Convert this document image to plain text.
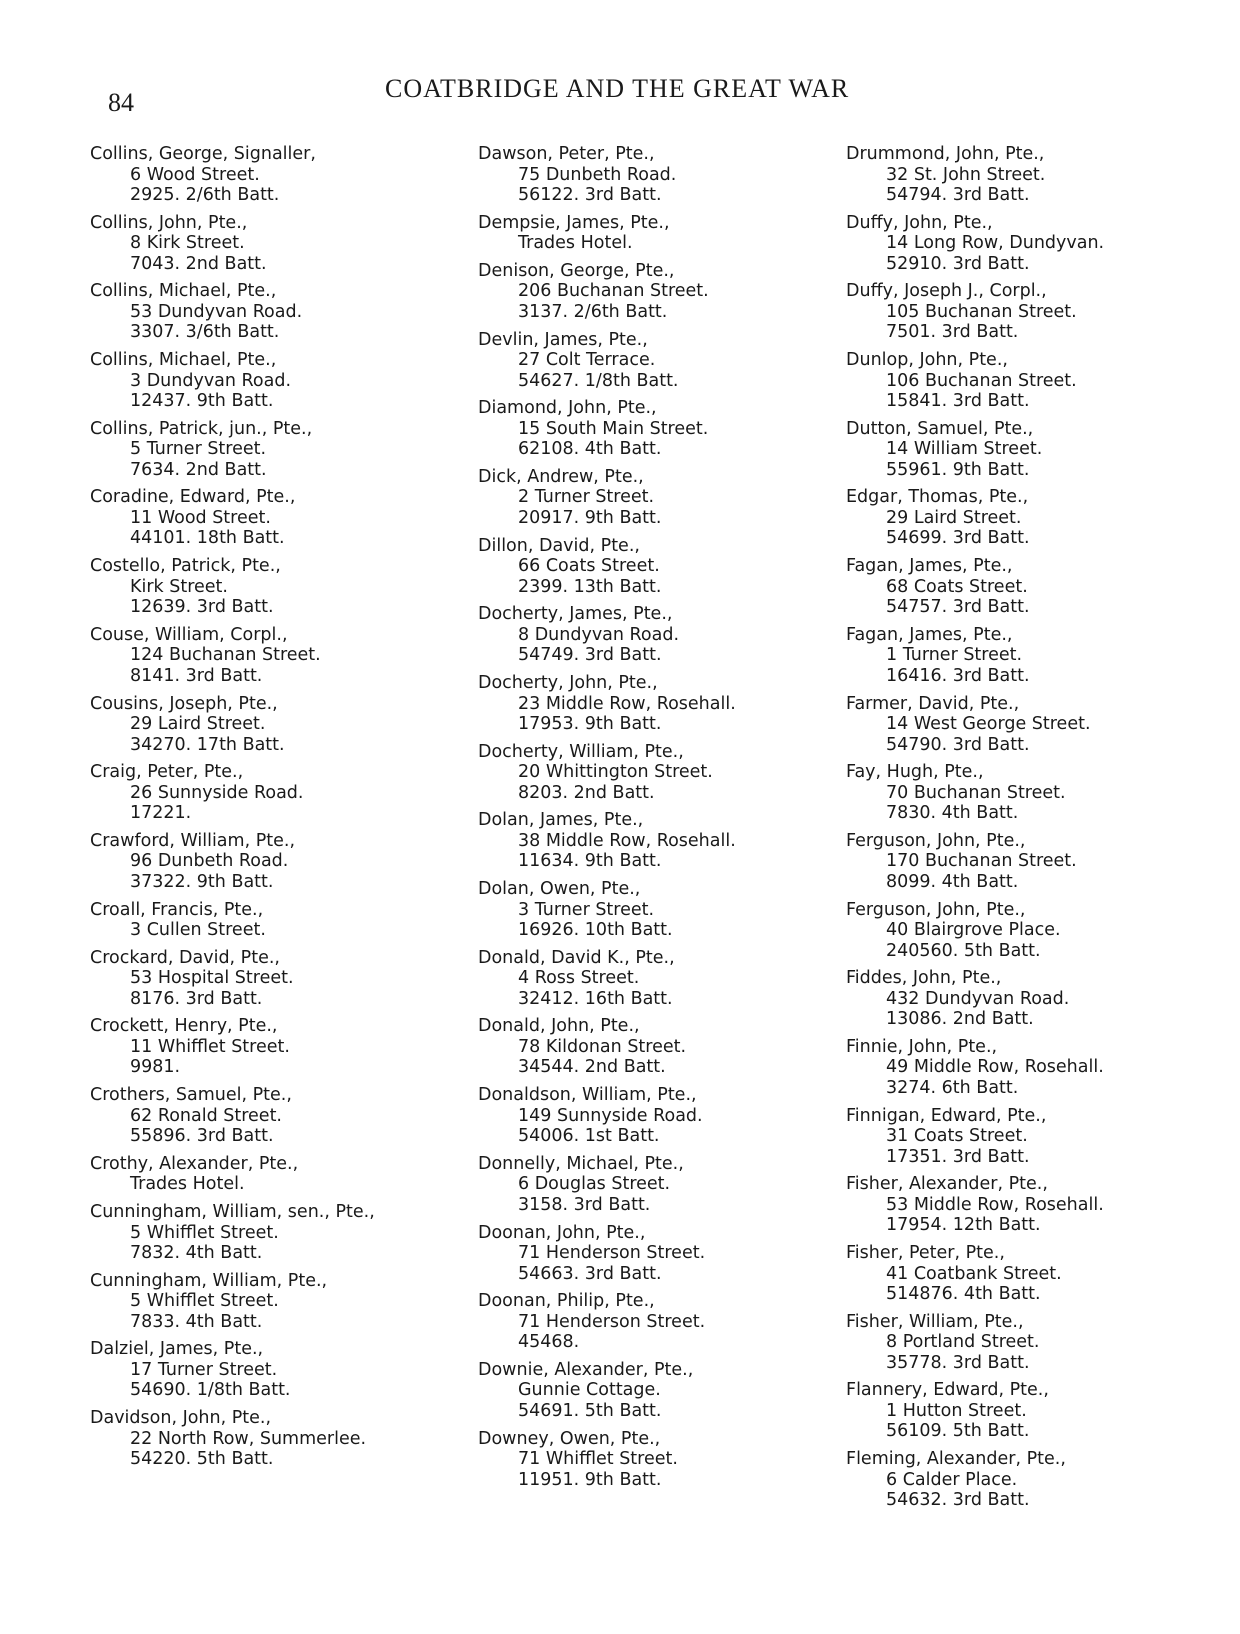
84	COATBRIDGE AND THE GREAT WAR
Collins, George, Signaller,
6 Wood Street.
2925. 2/6th Batt.
Collins, John, Pte.,
8 Kirk Street.
7043. 2nd Batt.
Collins, Michael, Pte.,
53 Dundyvan Road.
3307. 3/6th Batt.
Collins, Michael, Pte.,
3 Dundyvan Road.
12437. 9th Batt.
Collins, Patrick, jun., Pte.,
5 Turner Street.
7634. 2nd Batt.
Coradine, Edward, Pte.,
11 Wood Street.
44101. 18th Batt.
Costello, Patrick, Pte.,
Kirk Street.
12639. 3rd Batt.
Couse, William, Corpl.,
124 Buchanan Street.
8141. 3rd Batt.
Cousins, Joseph, Pte.,
29 Laird Street.
34270. 17th Batt.
Craig, Peter, Pte.,
26 Sunnyside Road.
17221.
Crawford, William, Pte.,
96 Dunbeth Road.
37322. 9th Batt.
Croall, Francis, Pte.,
3 Cullen Street.
Crockard, David, Pte.,
53 Hospital Street.
8176. 3rd Batt.
Crockett, Henry, Pte.,
11 Whifflet Street.
9981.
Crothers, Samuel, Pte.,
62 Ronald Street.
55896. 3rd Batt.
Crothy, Alexander, Pte.,
Trades Hotel.
Cunningham, William, sen., Pte.,
5 Whifflet Street.
7832. 4th Batt.
Cunningham, William, Pte.,
5 Whifflet Street.
7833. 4th Batt.
Dalziel, James, Pte.,
17 Turner Street.
54690. 1/8th Batt.
Davidson, John, Pte.,
22 North Row, Summerlee.
54220. 5th Batt.
Dawson, Peter, Pte.,
75 Dunbeth Road.
56122. 3rd Batt.
Dempsie, James, Pte.,
Trades Hotel.
Denison, George, Pte.,
206 Buchanan Street.
3137. 2/6th Batt.
Devlin, James, Pte.,
27 Colt Terrace.
54627. 1/8th Batt.
Diamond, John, Pte.,
15 South Main Street.
62108. 4th Batt.
Dick, Andrew, Pte.,
2 Turner Street.
20917. 9th Batt.
Dillon, David, Pte.,
66 Coats Street.
2399. 13th Batt.
Docherty, James, Pte.,
8 Dundyvan Road.
54749. 3rd Batt.
Docherty, John, Pte.,
23 Middle Row, Rosehall.
17953. 9th Batt.
Docherty, William, Pte.,
20 Whittington Street.
8203. 2nd Batt.
Dolan, James, Pte.,
38 Middle Row, Rosehall.
11634. 9th Batt.
Dolan, Owen, Pte.,
3 Turner Street.
16926. 10th Batt.
Donald, David K., Pte.,
4 Ross Street.
32412. 16th Batt.
Donald, John, Pte.,
78 Kildonan Street.
34544. 2nd Batt.
Donaldson, William, Pte.,
149 Sunnyside Road.
54006. 1st Batt.
Donnelly, Michael, Pte.,
6 Douglas Street.
3158. 3rd Batt.
Doonan, John, Pte.,
71 Henderson Street.
54663. 3rd Batt.
Doonan, Philip, Pte.,
71 Henderson Street.
45468.
Downie, Alexander, Pte.,
Gunnie Cottage.
54691. 5th Batt.
Downey, Owen, Pte.,
71 Whifflet Street.
11951. 9th Batt.
Drummond, John, Pte.,
32 St. John Street.
54794. 3rd Batt.
Duffy, John, Pte.,
14 Long Row, Dundyvan.
52910. 3rd Batt.
Duffy, Joseph J., Corpl.,
105 Buchanan Street.
7501. 3rd Batt.
Dunlop, John, Pte.,
106 Buchanan Street.
15841. 3rd Batt.
Dutton, Samuel, Pte.,
14 William Street.
55961. 9th Batt.
Edgar, Thomas, Pte.,
29 Laird Street.
54699. 3rd Batt.
Fagan, James, Pte.,
68 Coats Street.
54757. 3rd Batt.
Fagan, James, Pte.,
1 Turner Street.
16416. 3rd Batt.
Farmer, David, Pte.,
14 West George Street.
54790. 3rd Batt.
Fay, Hugh, Pte.,
70 Buchanan Street.
7830. 4th Batt.
Ferguson, John, Pte.,
170 Buchanan Street.
8099. 4th Batt.
Ferguson, John, Pte.,
40 Blairgrove Place.
240560. 5th Batt.
Fiddes, John, Pte.,
432 Dundyvan Road.
13086. 2nd Batt.
Finnie, John, Pte.,
49 Middle Row, Rosehall.
3274. 6th Batt.
Finnigan, Edward, Pte.,
31 Coats Street.
17351. 3rd Batt.
Fisher, Alexander, Pte.,
53 Middle Row, Rosehall.
17954. 12th Batt.
Fisher, Peter, Pte.,
41 Coatbank Street.
514876. 4th Batt.
Fisher, William, Pte.,
8 Portland Street.
35778. 3rd Batt.
Flannery, Edward, Pte.,
1 Hutton Street.
56109. 5th Batt.
Fleming, Alexander, Pte.,
6 Calder Place.
54632. 3rd Batt.
